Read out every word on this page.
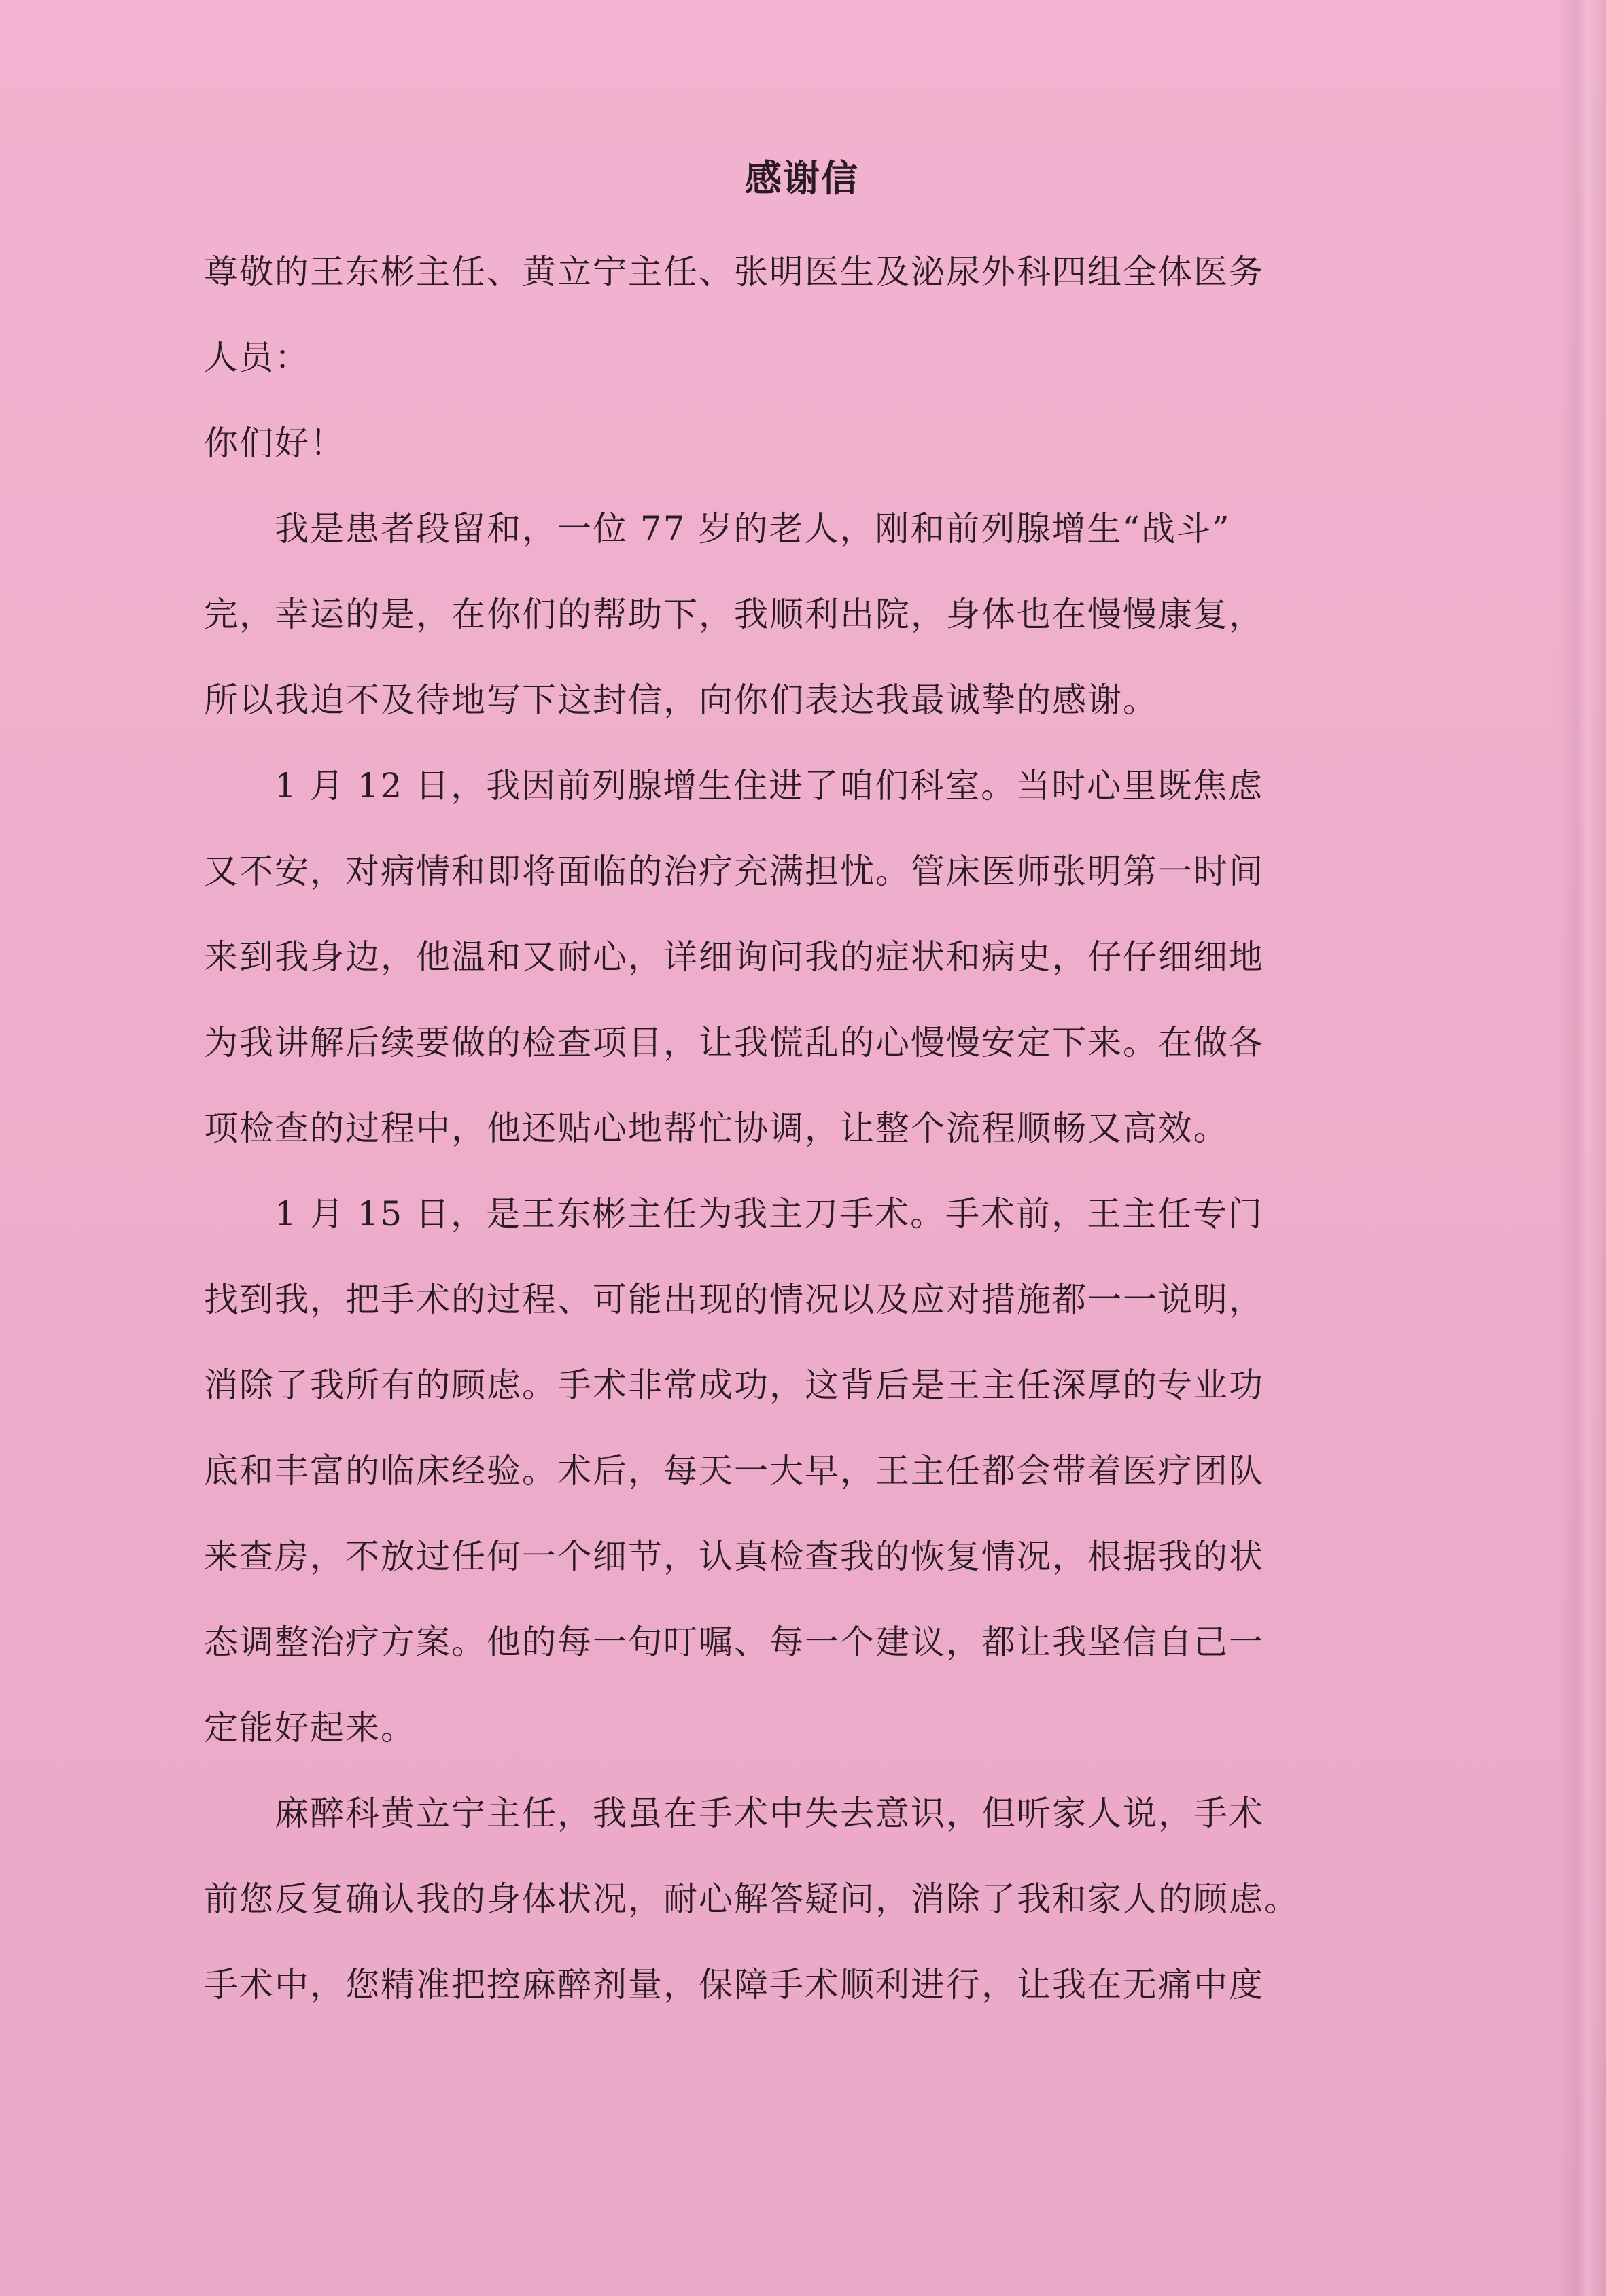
感谢信
尊敬的王东彬主任、黄立宁主任、张明医生及泌尿外科四组全体医务
人员：
你们好！
　　我是患者段留和，一位 77 岁的老人，刚和前列腺增生“战斗”
完，幸运的是，在你们的帮助下，我顺利出院，身体也在慢慢康复，
所以我迫不及待地写下这封信，向你们表达我最诚挚的感谢。
　　1 月 12 日，我因前列腺增生住进了咱们科室。当时心里既焦虑
又不安，对病情和即将面临的治疗充满担忧。管床医师张明第一时间
来到我身边，他温和又耐心，详细询问我的症状和病史，仔仔细细地
为我讲解后续要做的检查项目，让我慌乱的心慢慢安定下来。在做各
项检查的过程中，他还贴心地帮忙协调，让整个流程顺畅又高效。
　　1 月 15 日，是王东彬主任为我主刀手术。手术前，王主任专门
找到我，把手术的过程、可能出现的情况以及应对措施都一一说明，
消除了我所有的顾虑。手术非常成功，这背后是王主任深厚的专业功
底和丰富的临床经验。术后，每天一大早，王主任都会带着医疗团队
来查房，不放过任何一个细节，认真检查我的恢复情况，根据我的状
态调整治疗方案。他的每一句叮嘱、每一个建议，都让我坚信自己一
定能好起来。
　　麻醉科黄立宁主任，我虽在手术中失去意识，但听家人说，手术
前您反复确认我的身体状况，耐心解答疑问，消除了我和家人的顾虑。
手术中，您精准把控麻醉剂量，保障手术顺利进行，让我在无痛中度
